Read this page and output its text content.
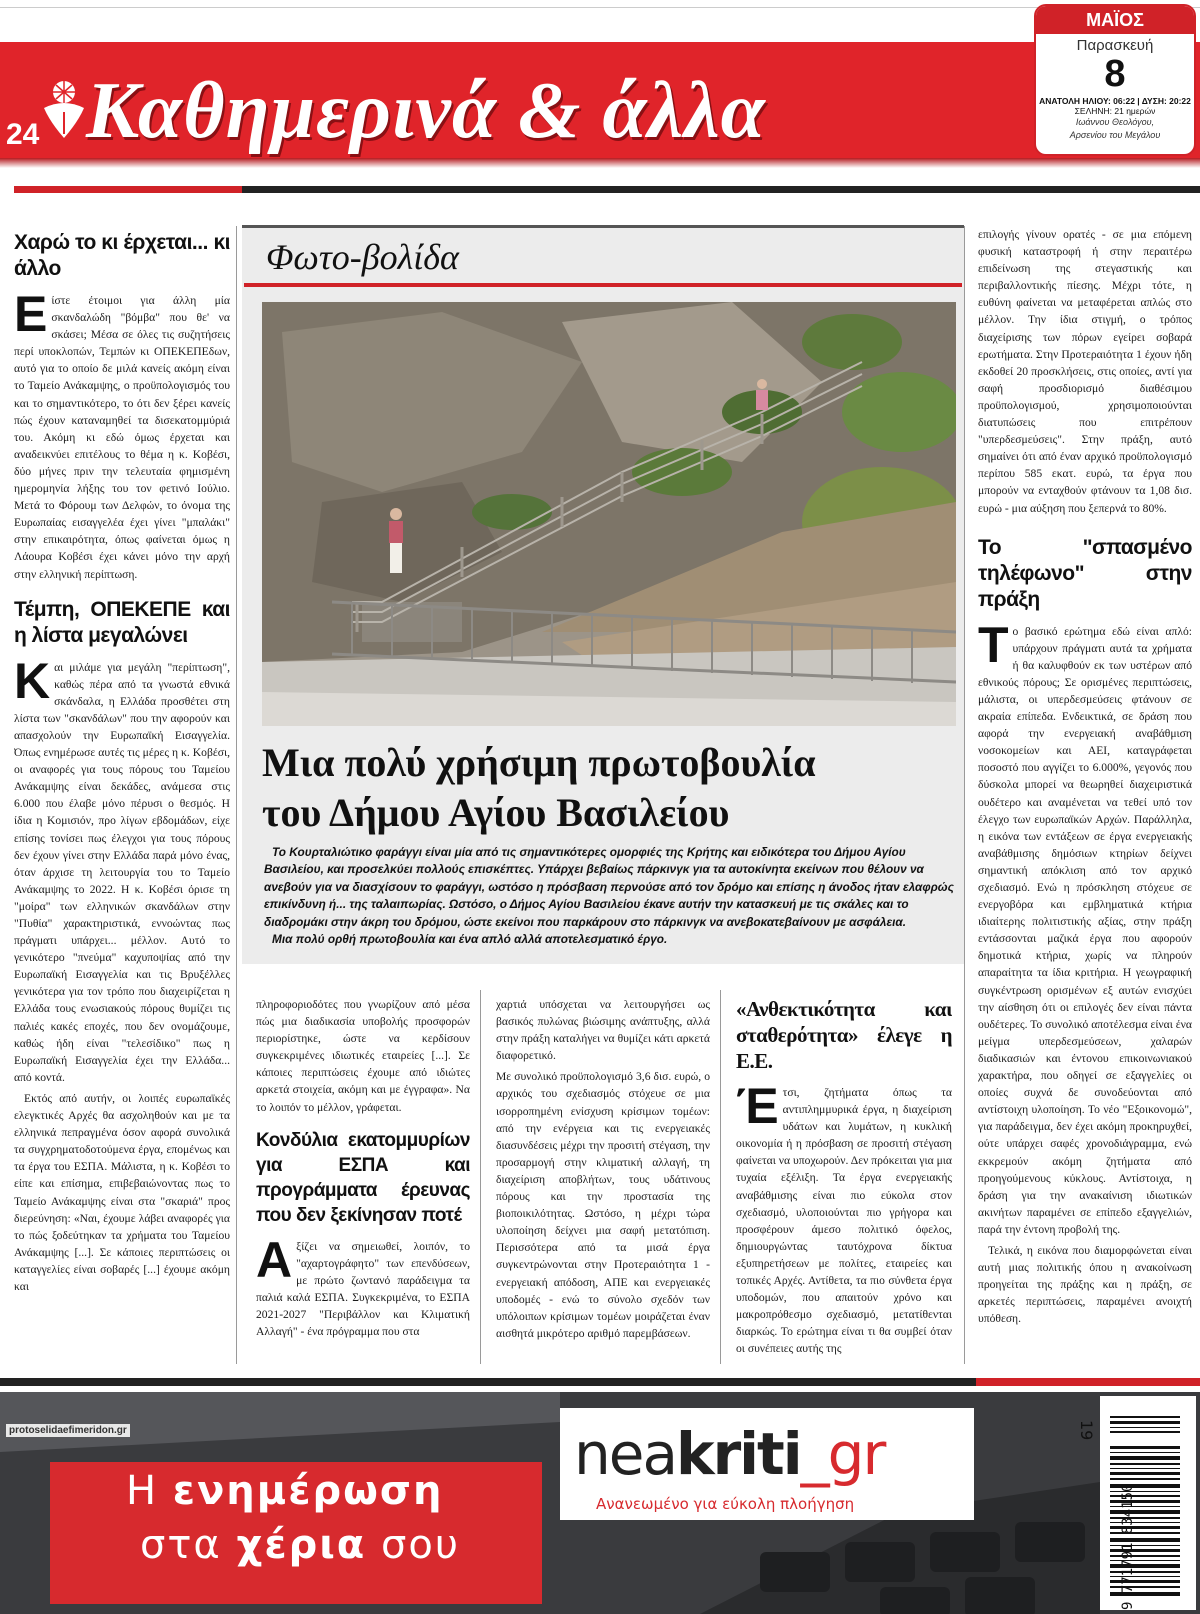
24 Καθημερινά & άλλα
ΜΑΪΟΣ
Παρασκευή
8
ΑΝΑΤΟΛΗ ΗΛΙΟΥ: 06:22 | ΔΥΣΗ: 20:22
ΣΕΛΗΝΗ: 21 ημερών
Ιωάννου Θεολόγου,
Αρσενίου του Μεγάλου
Χαρώ το κι έρχεται... κι άλλο

Είστε έτοιμοι για άλλη μία σκανδαλώδη "βόμβα" που θε' να σκάσει; Μέσα σε όλες τις συζητήσεις περί υποκλοπών, Τεμπών κι ΟΠΕΚΕΠΕδων, αυτό για το οποίο δε μιλά κανείς ακόμη είναι το Ταμείο Ανάκαμψης, ο προϋπολογισμός του και το σημαντικότερο, το ότι δεν ξέρει κανείς πώς έχουν καταναμηθεί τα δισεκατομμύριά του. Ακόμη κι εδώ όμως έρχεται και αναδεικνύει επιτέλους το θέμα η κ. Κοβέσι, δύο μήνες πριν την τελευταία φημισμένη ημερομηνία λήξης του τον φετινό Ιούλιο. Μετά το Φόρουμ των Δελφών, το όνομα της Ευρωπαίας εισαγγελέα έχει γίνει "μπαλάκι" στην επικαιρότητα, όπως φαίνεται όμως η Λάουρα Κοβέσι έχει κάνει μόνο την αρχή στην ελληνική περίπτωση.

Τέμπη, ΟΠΕΚΕΠΕ και η λίστα μεγαλώνει

Και μιλάμε για μεγάλη "περίπτωση", καθώς πέρα από τα γνωστά εθνικά σκάνδαλα, η Ελλάδα προσθέτει στη λίστα των "σκανδάλων" που την αφορούν και απασχολούν την Ευρωπαϊκή Εισαγγελία. Όπως ενημέρωσε αυτές τις μέρες η κ. Κοβέσι, οι αναφορές για τους πόρους του Ταμείου Ανάκαμψης είναι δεκάδες, ανάμεσα στις 6.000 που έλαβε μόνο πέρυσι ο θεσμός. Η ίδια η Κομισιόν, προ λίγων εβδομάδων, είχε επίσης τονίσει πως έλεγχοι για τους πόρους δεν έχουν γίνει στην Ελλάδα παρά μόνο ένας, όταν άρχισε τη λειτουργία του το Ταμείο Ανάκαμψης το 2022. Η κ. Κοβέσι όρισε τη "μοίρα" των ελληνικών σκανδάλων στην "Πυθία" χαρακτηριστικά, εννοώντας πως πράγματι υπάρχει... μέλλον. Αυτό το γενικότερο "πνεύμα" καχυποψίας από την Ευρωπαϊκή Εισαγγελία και τις Βρυξέλλες γενικότερα για τον τρόπο που διαχειρίζεται η Ελλάδα τους ενωσιακούς πόρους θυμίζει τις παλιές κακές εποχές, που δεν ονομάζουμε, καθώς ήδη είναι "τελεσίδικο" πως η Ευρωπαϊκή Εισαγγελία έχει την Ελλάδα... από κοντά.

Εκτός από αυτήν, οι λοιπές ευρωπαϊκές ελεγκτικές Αρχές θα ασχοληθούν και με τα ελληνικά πεπραγμένα όσον αφορά συνολικά τα συγχρηματοδοτούμενα έργα, επομένως και τα έργα του ΕΣΠΑ. Μάλιστα, η κ. Κοβέσι το είπε και επίσημα, επιβεβαιώνοντας πως το Ταμείο Ανάκαμψης είναι στα "σκαριά" προς διερεύνηση: «Ναι, έχουμε λάβει αναφορές για το πώς ξοδεύτηκαν τα χρήματα του Ταμείου Ανάκαμψης [...]. Σε κάποιες περιπτώσεις οι καταγγελίες είναι σοβαρές [...] έχουμε ακόμη και

Φωτο-βολίδα
Μια πολύ χρήσιμη πρωτοβουλία
του Δήμου Αγίου Βασιλείου

Το Κουρταλιώτικο φαράγγι είναι μία από τις σημαντικότερες ομορφιές της Κρήτης και ειδικότερα του Δήμου Αγίου Βασιλείου, και προσελκύει πολλούς επισκέπτες. Υπάρχει βεβαίως πάρκινγκ για τα αυτοκίνητα εκείνων που θέλουν να ανεβούν για να διασχίσουν το φαράγγι, ωστόσο η πρόσβαση περνούσε από τον δρόμο και επίσης η άνοδος ήταν ελαφρώς επικίνδυνη ή... της ταλαιπωρίας. Ωστόσο, ο Δήμος Αγίου Βασιλείου έκανε αυτήν την κατασκευή με τις σκάλες και το διαδρομάκι στην άκρη του δρόμου, ώστε εκείνοι που παρκάρουν στο πάρκινγκ να ανεβοκατεβαίνουν με ασφάλεια.

Μια πολύ ορθή πρωτοβουλία και ένα απλό αλλά αποτελεσματικό έργο.

πληροφοριοδότες που γνωρίζουν από μέσα πώς μια διαδικασία υποβολής προσφορών περιορίστηκε, ώστε να κερδίσουν συγκεκριμένες ιδιωτικές εταιρείες [...]. Σε κάποιες περιπτώσεις έχουμε από ιδιώτες αρκετά στοιχεία, ακόμη και με έγγραφα». Να το λοιπόν το μέλλον, γράφεται.

Κονδύλια εκατομμυρίων για ΕΣΠΑ και προγράμματα έρευνας που δεν ξεκίνησαν ποτέ

Αξίζει να σημειωθεί, λοιπόν, το "αχαρτογράφητο" των επενδύσεων, με πρώτο ζωντανό παράδειγμα τα παλιά καλά ΕΣΠΑ. Συγκεκριμένα, το ΕΣΠΑ 2021-2027 "Περιβάλλον και Κλιματική Αλλαγή" - ένα πρόγραμμα που στα

χαρτιά υπόσχεται να λειτουργήσει ως βασικός πυλώνας βιώσιμης ανάπτυξης, αλλά στην πράξη καταλήγει να θυμίζει κάτι αρκετά διαφορετικό.

Με συνολικό προϋπολογισμό 3,6 δισ. ευρώ, ο αρχικός του σχεδιασμός στόχευε σε μια ισορροπημένη ενίσχυση κρίσιμων τομέων: από την ενέργεια και τις ενεργειακές διασυνδέσεις μέχρι την προσιτή στέγαση, την προσαρμογή στην κλιματική αλλαγή, τη διαχείριση αποβλήτων, τους υδάτινους πόρους και την προστασία της βιοποικιλότητας. Ωστόσο, η μέχρι τώρα υλοποίηση δείχνει μια σαφή μετατόπιση. Περισσότερα από τα μισά έργα συγκεντρώνονται στην Προτεραιότητα 1 - ενεργειακή απόδοση, ΑΠΕ και ενεργειακές υποδομές - ενώ το σύνολο σχεδόν των υπόλοιπων κρίσιμων τομέων μοιράζεται έναν αισθητά μικρότερο αριθμό παρεμβάσεων.

«Ανθεκτικότητα και σταθερότητα» έλεγε η Ε.Ε.

Έτσι, ζητήματα όπως τα αντιπλημμυρικά έργα, η διαχείριση υδάτων και λυμάτων, η κυκλική οικονομία ή η πρόσβαση σε προσιτή στέγαση φαίνεται να υποχωρούν. Δεν πρόκειται για μια τυχαία εξέλιξη. Τα έργα ενεργειακής αναβάθμισης είναι πιο εύκολα στον σχεδιασμό, υλοποιούνται πιο γρήγορα και προσφέρουν άμεσο πολιτικό όφελος, δημιουργώντας ταυτόχρονα δίκτυα εξυπηρετήσεων με πολίτες, εταιρείες και τοπικές Αρχές. Αντίθετα, τα πιο σύνθετα έργα υποδομών, που απαιτούν χρόνο και μακροπρόθεσμο σχεδιασμό, μετατίθενται διαρκώς. Το ερώτημα είναι τι θα συμβεί όταν οι συνέπειες αυτής της

επιλογής γίνουν ορατές - σε μια επόμενη φυσική καταστροφή ή στην περαιτέρω επιδείνωση της στεγαστικής και περιβαλλοντικής πίεσης. Μέχρι τότε, η ευθύνη φαίνεται να μεταφέρεται απλώς στο μέλλον. Την ίδια στιγμή, ο τρόπος διαχείρισης των πόρων εγείρει σοβαρά ερωτήματα. Στην Προτεραιότητα 1 έχουν ήδη εκδοθεί 20 προσκλήσεις, στις οποίες, αντί για σαφή προσδιορισμό διαθέσιμου προϋπολογισμού, χρησιμοποιούνται διατυπώσεις που επιτρέπουν "υπερδεσμεύσεις". Στην πράξη, αυτό σημαίνει ότι από έναν αρχικό προϋπολογισμό περίπου 585 εκατ. ευρώ, τα έργα που μπορούν να ενταχθούν φτάνουν τα 1,08 δισ. ευρώ - μια αύξηση που ξεπερνά το 80%.

Το "σπασμένο τηλέφωνο" στην πράξη

Το βασικό ερώτημα εδώ είναι απλό: υπάρχουν πράγματι αυτά τα χρήματα ή θα καλυφθούν εκ των υστέρων από εθνικούς πόρους; Σε ορισμένες περιπτώσεις, μάλιστα, οι υπερδεσμεύσεις φτάνουν σε ακραία επίπεδα. Ενδεικτικά, σε δράση που αφορά την ενεργειακή αναβάθμιση νοσοκομείων και ΑΕΙ, καταγράφεται ποσοστό που αγγίζει το 6.000%, γεγονός που δύσκολα μπορεί να θεωρηθεί διαχειριστικά ουδέτερο και αναμένεται να τεθεί υπό τον έλεγχο των ευρωπαϊκών Αρχών. Παράλληλα, η εικόνα των εντάξεων σε έργα ενεργειακής αναβάθμισης δημόσιων κτηρίων δείχνει σημαντική απόκλιση από τον αρχικό σχεδιασμό. Ενώ η πρόσκληση στόχευε σε ενεργοβόρα και εμβληματικά κτήρια ιδιαίτερης πολιτιστικής αξίας, στην πράξη εντάσσονται μαζικά έργα που αφορούν δημοτικά κτήρια, χωρίς να πληρούν απαραίτητα τα ίδια κριτήρια. Η γεωγραφική συγκέντρωση ορισμένων εξ αυτών ενισχύει την αίσθηση ότι οι επιλογές δεν είναι πάντα ουδέτερες. Το συνολικό αποτέλεσμα είναι ένα μείγμα υπερδεσμεύσεων, χαλαρών διαδικασιών και έντονου επικοινωνιακού χαρακτήρα, που οδηγεί σε εξαγγελίες οι οποίες συχνά δε συνοδεύονται από αντίστοιχη υλοποίηση. Το νέο "Εξοικονομώ", για παράδειγμα, δεν έχει ακόμη προκηρυχθεί, ούτε υπάρχει σαφές χρονοδιάγραμμα, ενώ εκκρεμούν ακόμη ζητήματα από προηγούμενους κύκλους. Αντίστοιχα, η δράση για την ανακαίνιση ιδιωτικών ακινήτων παραμένει σε επίπεδο εξαγγελιών, παρά την έντονη προβολή της.

Τελικά, η εικόνα που διαμορφώνεται είναι αυτή μιας πολιτικής όπου η ανακοίνωση προηγείται της πράξης και η πράξη, σε αρκετές περιπτώσεις, παραμένει ανοιχτή υπόθεση.

protoselidaefimeridon.gr
Η ενημέρωση
στα χέρια σου
neakriti_gr
Ανανεωμένο για εύκολη πλοήγηση	9 771791 834150
19
